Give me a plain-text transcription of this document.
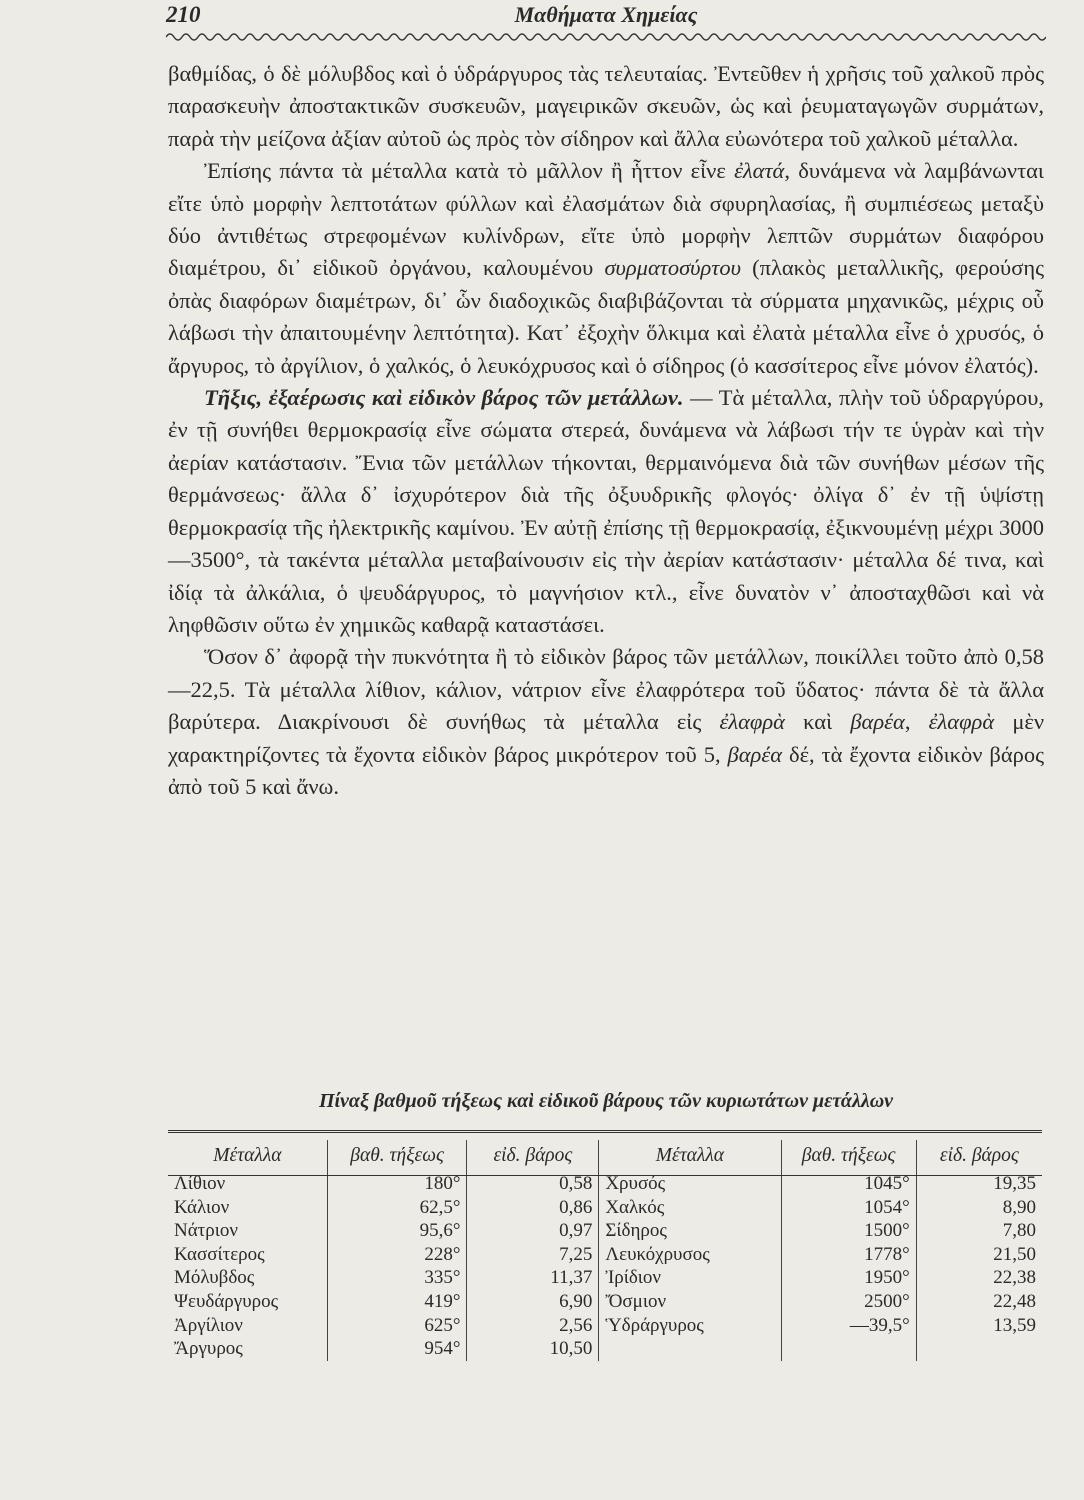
210	Μαθήματα Χημείας

βαθμίδας, ὁ δὲ μόλυβδος καὶ ὁ ὑδράργυρος τὰς τελευταίας. Ἐντεῦθεν ἡ χρῆσις τοῦ χαλκοῦ πρὸς παρασκευὴν ἀποστακτικῶν συσκευῶν, μαγειρικῶν σκευῶν, ὡς καὶ ῥευματαγωγῶν συρμάτων, παρὰ τὴν μείζονα ἀξίαν αὐτοῦ ὡς πρὸς τὸν σίδηρον καὶ ἄλλα εὐωνότερα τοῦ χαλκοῦ μέταλλα.

Ἐπίσης πάντα τὰ μέταλλα κατὰ τὸ μᾶλλον ἢ ἧττον εἶνε ἐλατά, δυνάμενα νὰ λαμβάνωνται εἴτε ὑπὸ μορφὴν λεπτοτάτων φύλλων καὶ ἐλασμάτων διὰ σφυρηλασίας, ἢ συμπιέσεως μεταξὺ δύο ἀντιθέτως στρεφομένων κυλίνδρων, εἴτε ὑπὸ μορφὴν λεπτῶν συρμάτων διαφόρου διαμέτρου, δι᾽ εἰδικοῦ ὀργάνου, καλουμένου συρματοσύρτου (πλακὸς μεταλλικῆς, φερούσης ὀπὰς διαφόρων διαμέτρων, δι᾽ ὧν διαδοχικῶς διαβιβάζονται τὰ σύρματα μηχανικῶς, μέχρις οὗ λάβωσι τὴν ἀπαιτουμένην λεπτότητα). Κατ᾽ ἐξοχὴν ὅλκιμα καὶ ἐλατὰ μέταλλα εἶνε ὁ χρυσός, ὁ ἄργυρος, τὸ ἀργίλιον, ὁ χαλκός, ὁ λευκόχρυσος καὶ ὁ σίδηρος (ὁ κασσίτερος εἶνε μόνον ἐλατός).

Τῆξις, ἐξαέρωσις καὶ εἰδικὸν βάρος τῶν μετάλλων. — Τὰ μέταλλα, πλὴν τοῦ ὑδραργύρου, ἐν τῇ συνήθει θερμοκρασίᾳ εἶνε σώματα στερεά, δυνάμενα νὰ λάβωσι τήν τε ὑγρὰν καὶ τὴν ἀερίαν κατάστασιν. Ἔνια τῶν μετάλλων τήκονται, θερμαινόμενα διὰ τῶν συνήθων μέσων τῆς θερμάνσεως· ἄλλα δ᾽ ἰσχυρότερον διὰ τῆς ὀξυυδρικῆς φλογός· ὀλίγα δ᾽ ἐν τῇ ὑψίστῃ θερμοκρασίᾳ τῆς ἠλεκτρικῆς καμίνου. Ἐν αὐτῇ ἐπίσης τῇ θερμοκρασίᾳ, ἐξικνουμένῃ μέχρι 3000—3500°, τὰ τακέντα μέταλλα μεταβαίνουσιν εἰς τὴν ἀερίαν κατάστασιν· μέταλλα δέ τινα, καὶ ἰδίᾳ τὰ ἀλκάλια, ὁ ψευδάργυρος, τὸ μαγνήσιον κτλ., εἶνε δυνατὸν ν᾽ ἀποσταχθῶσι καὶ νὰ ληφθῶσιν οὕτω ἐν χημικῶς καθαρᾷ καταστάσει.

Ὅσον δ᾽ ἀφορᾷ τὴν πυκνότητα ἢ τὸ εἰδικὸν βάρος τῶν μετάλλων, ποικίλλει τοῦτο ἀπὸ 0,58—22,5. Τὰ μέταλλα λίθιον, κάλιον, νάτριον εἶνε ἐλαφρότερα τοῦ ὕδατος· πάντα δὲ τὰ ἄλλα βαρύτερα. Διακρίνουσι δὲ συνήθως τὰ μέταλλα εἰς ἐλαφρὰ καὶ βαρέα, ἐλαφρὰ μὲν χαρακτηρίζοντες τὰ ἔχοντα εἰδικὸν βάρος μικρότερον τοῦ 5, βαρέα δέ, τὰ ἔχοντα εἰδικὸν βάρος ἀπὸ τοῦ 5 καὶ ἄνω.

Πίναξ βαθμοῦ τήξεως καὶ εἰδικοῦ βάρους τῶν κυριωτάτων μετάλλων
Μέταλλα	βαθ. τήξεως	εἰδ. βάρος	Μέταλλα	βαθ. τήξεως	εἰδ. βάρος
Λίθιον	180°	0,58	Χρυσός	1045°	19,35
Κάλιον	62,5°	0,86	Χαλκός	1054°	8,90
Νάτριον	95,6°	0,97	Σίδηρος	1500°	7,80
Κασσίτερος	228°	7,25	Λευκόχρυσος	1778°	21,50
Μόλυβδος	335°	11,37	Ἰρίδιον	1950°	22,38
Ψευδάργυρος	419°	6,90	Ὄσμιον	2500°	22,48
Ἀργίλιον	625°	2,56	Ὑδράργυρος	—39,5°	13,59
Ἄργυρος	954°	10,50			
